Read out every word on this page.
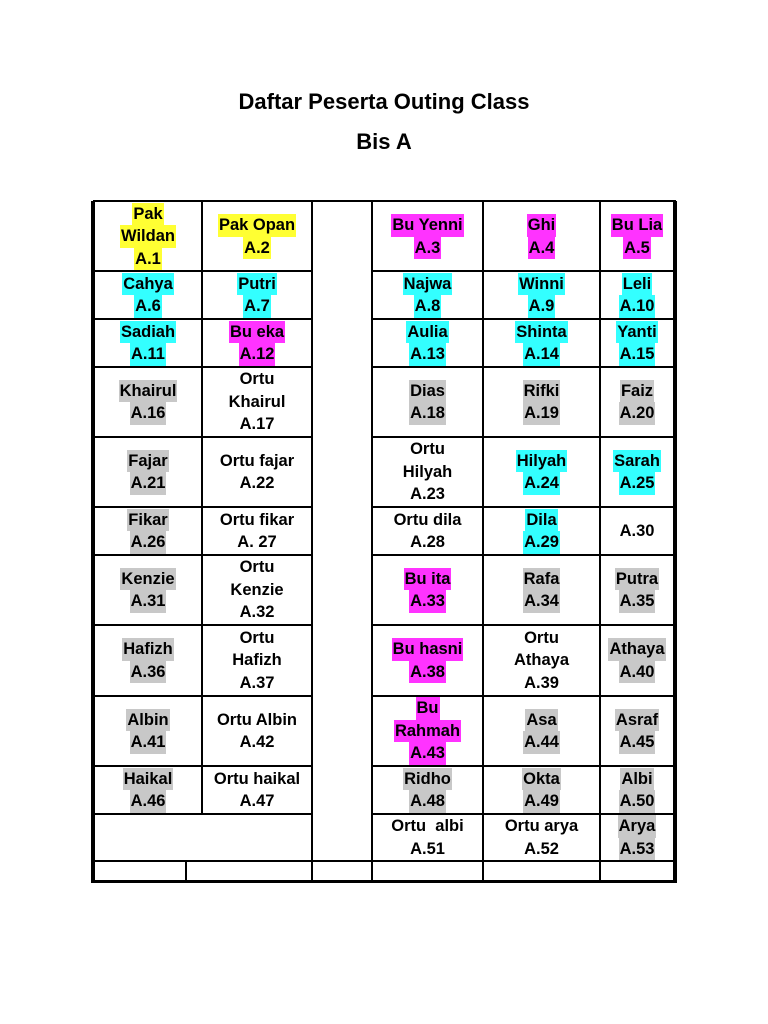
Daftar Peserta Outing Class
Bis A
Pak
Wildan
A.1
Pak Opan
A.2
Bu Yenni
A.3
Ghi
A.4
Bu Lia
A.5
Cahya
A.6
Putri
A.7
Najwa
A.8
Winni
A.9
Leli
A.10
Sadiah
A.11
Bu eka
A.12
Aulia
A.13
Shinta
A.14
Yanti
A.15
Khairul
A.16
Ortu
Khairul
A.17
Dias
A.18
Rifki
A.19
Faiz
A.20
Fajar
A.21
Ortu fajar
A.22
Ortu
Hilyah
A.23
Hilyah
A.24
Sarah
A.25
Fikar
A.26
Ortu fikar
A. 27
Ortu dila
A.28
Dila
A.29
A.30
Kenzie
A.31
Ortu
Kenzie
A.32
Bu ita
A.33
Rafa
A.34
Putra
A.35
Hafizh
A.36
Ortu
Hafizh
A.37
Bu hasni
A.38
Ortu
Athaya
A.39
Athaya
A.40
Albin
A.41
Ortu Albin
A.42
Bu
Rahmah
A.43
Asa
A.44
Asraf
A.45
Haikal
A.46
Ortu haikal
A.47
Ridho
A.48
Okta
A.49
Albi
A.50
Ortu  albi
A.51
Ortu arya
A.52
Arya
A.53
